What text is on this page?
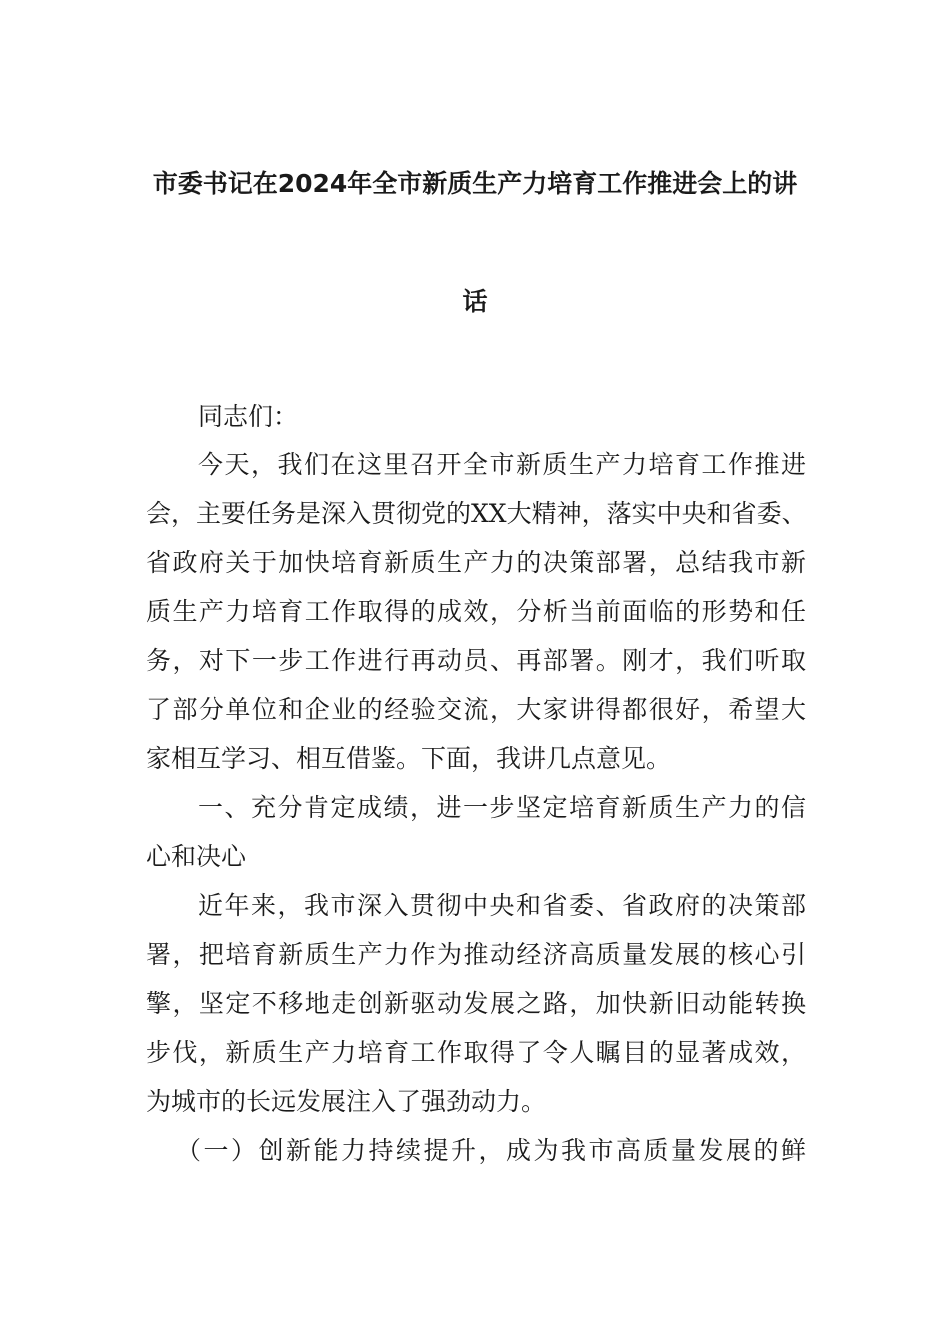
市委书记在2024年全市新质生产力培育工作推进会上的讲
话
同志们：
今天，我们在这里召开全市新质生产力培育工作推进
会，主要任务是深入贯彻党的XX大精神，落实中央和省委、
省政府关于加快培育新质生产力的决策部署，总结我市新
质生产力培育工作取得的成效，分析当前面临的形势和任
务，对下一步工作进行再动员、再部署。刚才，我们听取
了部分单位和企业的经验交流，大家讲得都很好，希望大
家相互学习、相互借鉴。下面，我讲几点意见。
一、充分肯定成绩，进一步坚定培育新质生产力的信
心和决心
近年来，我市深入贯彻中央和省委、省政府的决策部
署，把培育新质生产力作为推动经济高质量发展的核心引
擎，坚定不移地走创新驱动发展之路，加快新旧动能转换
步伐，新质生产力培育工作取得了令人瞩目的显著成效，
为城市的长远发展注入了强劲动力。
（一）创新能力持续提升，成为我市高质量发展的鲜
